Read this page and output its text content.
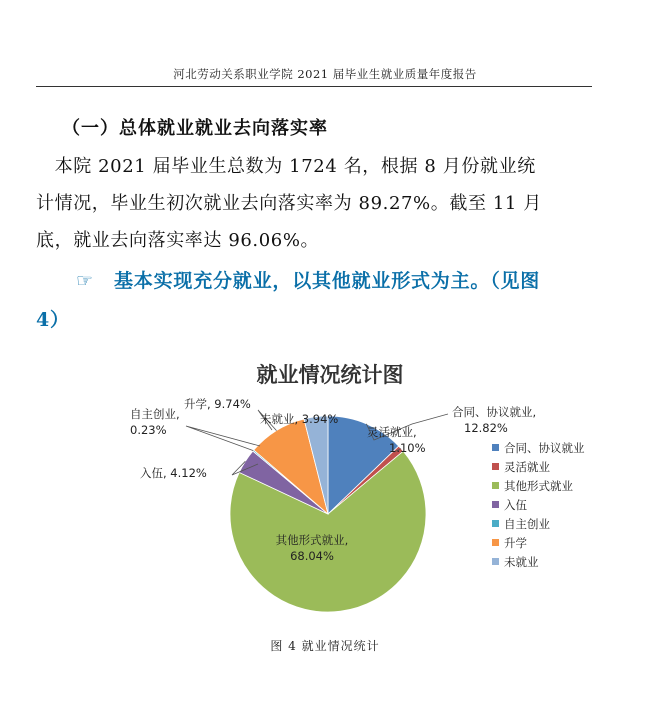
河北劳动关系职业学院 2021 届毕业生就业质量年度报告
（一）总体就业就业去向落实率
　本院 2021 届毕业生总数为 1724 名，根据 8 月份就业统
计情况，毕业生初次就业去向落实率为 89.27%。截至 11 月
底，就业去向落实率达 96.06%。
☞ 基本实现充分就业，以其他就业形式为主。（见图
4）
就业情况统计图
合同、协议就业,
12.82%
灵活就业,
1.10%
其他形式就业,
68.04%
入伍, 4.12%
自主创业,
0.23%
升学, 9.74%
未就业, 3.94%
合同、协议就业
灵活就业
其他形式就业
入伍
自主创业
升学
未就业
图 4 就业情况统计
